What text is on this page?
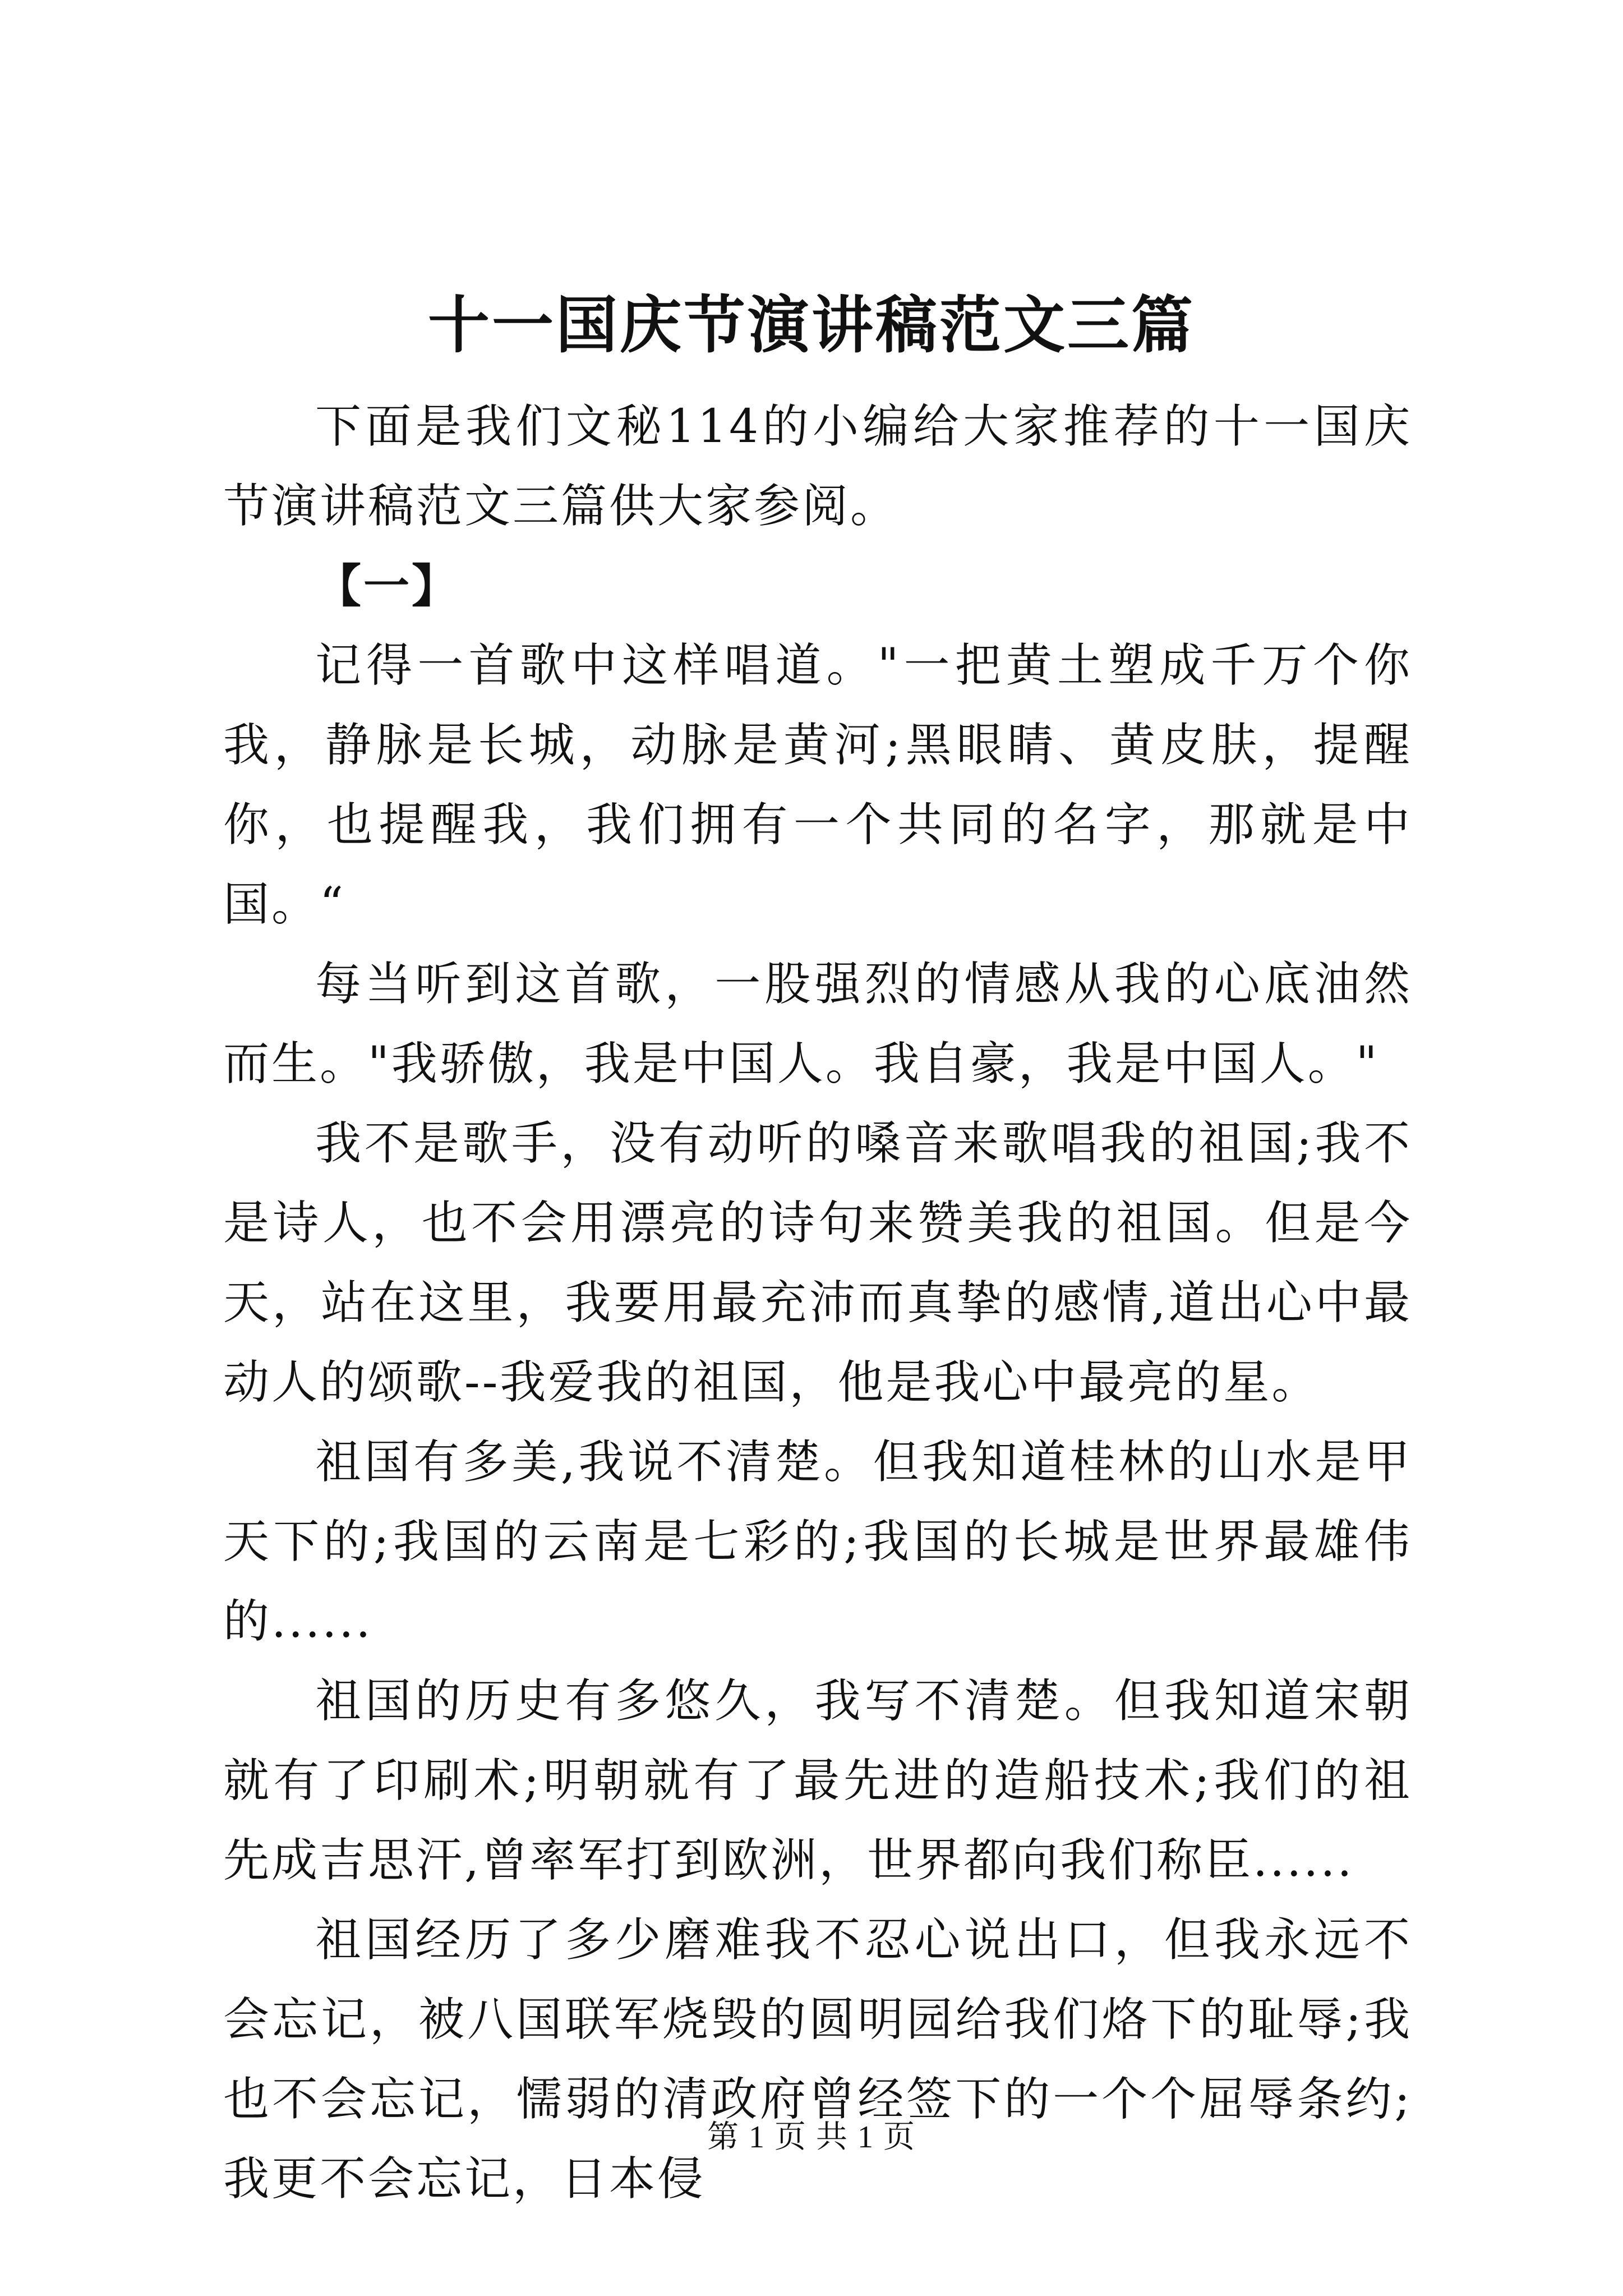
十一国庆节演讲稿范文三篇

下面是我们文秘114的小编给大家推荐的十一国庆节演讲稿范文三篇供大家参阅。

【一】

记得一首歌中这样唱道。"一把黄土塑成千万个你我，静脉是长城，动脉是黄河;黑眼睛、黄皮肤，提醒你，也提醒我，我们拥有一个共同的名字，那就是中国。“

每当听到这首歌，一股强烈的情感从我的心底油然而生。"我骄傲，我是中国人。我自豪，我是中国人。"

我不是歌手，没有动听的嗓音来歌唱我的祖国;我不是诗人，也不会用漂亮的诗句来赞美我的祖国。但是今天，站在这里，我要用最充沛而真挚的感情,道出心中最动人的颂歌--我爱我的祖国，他是我心中最亮的星。

祖国有多美,我说不清楚。但我知道桂林的山水是甲天下的;我国的云南是七彩的;我国的长城是世界最雄伟的......

祖国的历史有多悠久，我写不清楚。但我知道宋朝就有了印刷术;明朝就有了最先进的造船技术;我们的祖先成吉思汗,曾率军打到欧洲，世界都向我们称臣......

祖国经历了多少磨难我不忍心说出口，但我永远不会忘记，被八国联军烧毁的圆明园给我们烙下的耻辱;我也不会忘记，懦弱的清政府曾经签下的一个个屈辱条约;我更不会忘记，日本侵

第 1 页 共 1 页
